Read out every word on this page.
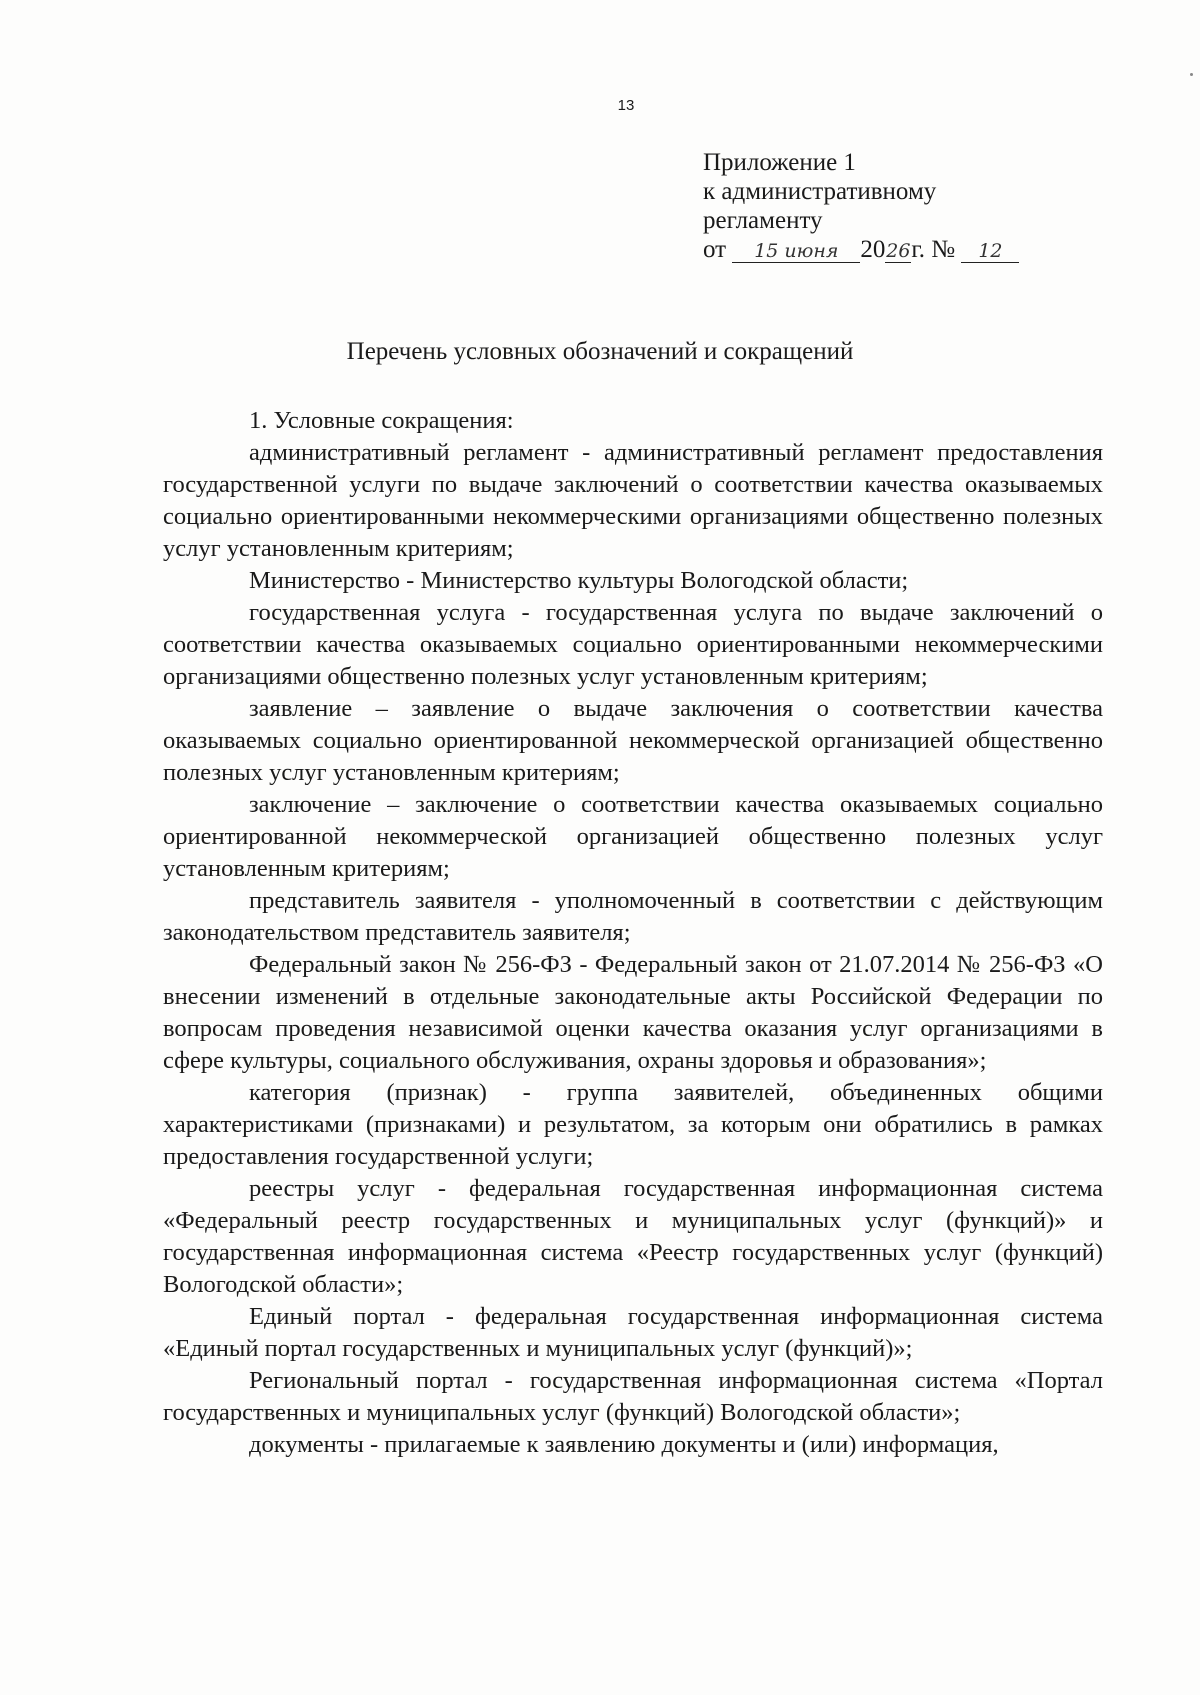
13
Приложение 1
к административному
регламенту
от 15 июня 2026г. № 12
Перечень условных обозначений и сокращений

1. Условные сокращения:

административный регламент - административный регламент предоставления государственной услуги по выдаче заключений о соответствии качества оказываемых социально ориентированными некоммерческими организациями общественно полезных услуг установленным критериям;

Министерство - Министерство культуры Вологодской области;

государственная услуга - государственная услуга по выдаче заключений о соответствии качества оказываемых социально ориентированными некоммерческими организациями общественно полезных услуг установленным критериям;

заявление – заявление о выдаче заключения о соответствии качества оказываемых социально ориентированной некоммерческой организацией общественно полезных услуг установленным критериям;

заключение – заключение о соответствии качества оказываемых социально ориентированной некоммерческой организацией общественно полезных услуг установленным критериям;

представитель заявителя - уполномоченный в соответствии с действующим законодательством представитель заявителя;

Федеральный закон № 256-ФЗ - Федеральный закон от 21.07.2014 № 256-ФЗ «О внесении изменений в отдельные законодательные акты Российской Федерации по вопросам проведения независимой оценки качества оказания услуг организациями в сфере культуры, социального обслуживания, охраны здоровья и образования»;

категория (признак) - группа заявителей, объединенных общими характеристиками (признаками) и результатом, за которым они обратились в рамках предоставления государственной услуги;

реестры услуг - федеральная государственная информационная система «Федеральный реестр государственных и муниципальных услуг (функций)» и государственная информационная система «Реестр государственных услуг (функций) Вологодской области»;

Единый портал - федеральная государственная информационная система «Единый портал государственных и муниципальных услуг (функций)»;

Региональный портал - государственная информационная система «Портал государственных и муниципальных услуг (функций) Вологодской области»;

документы - прилагаемые к заявлению документы и (или) информация,
